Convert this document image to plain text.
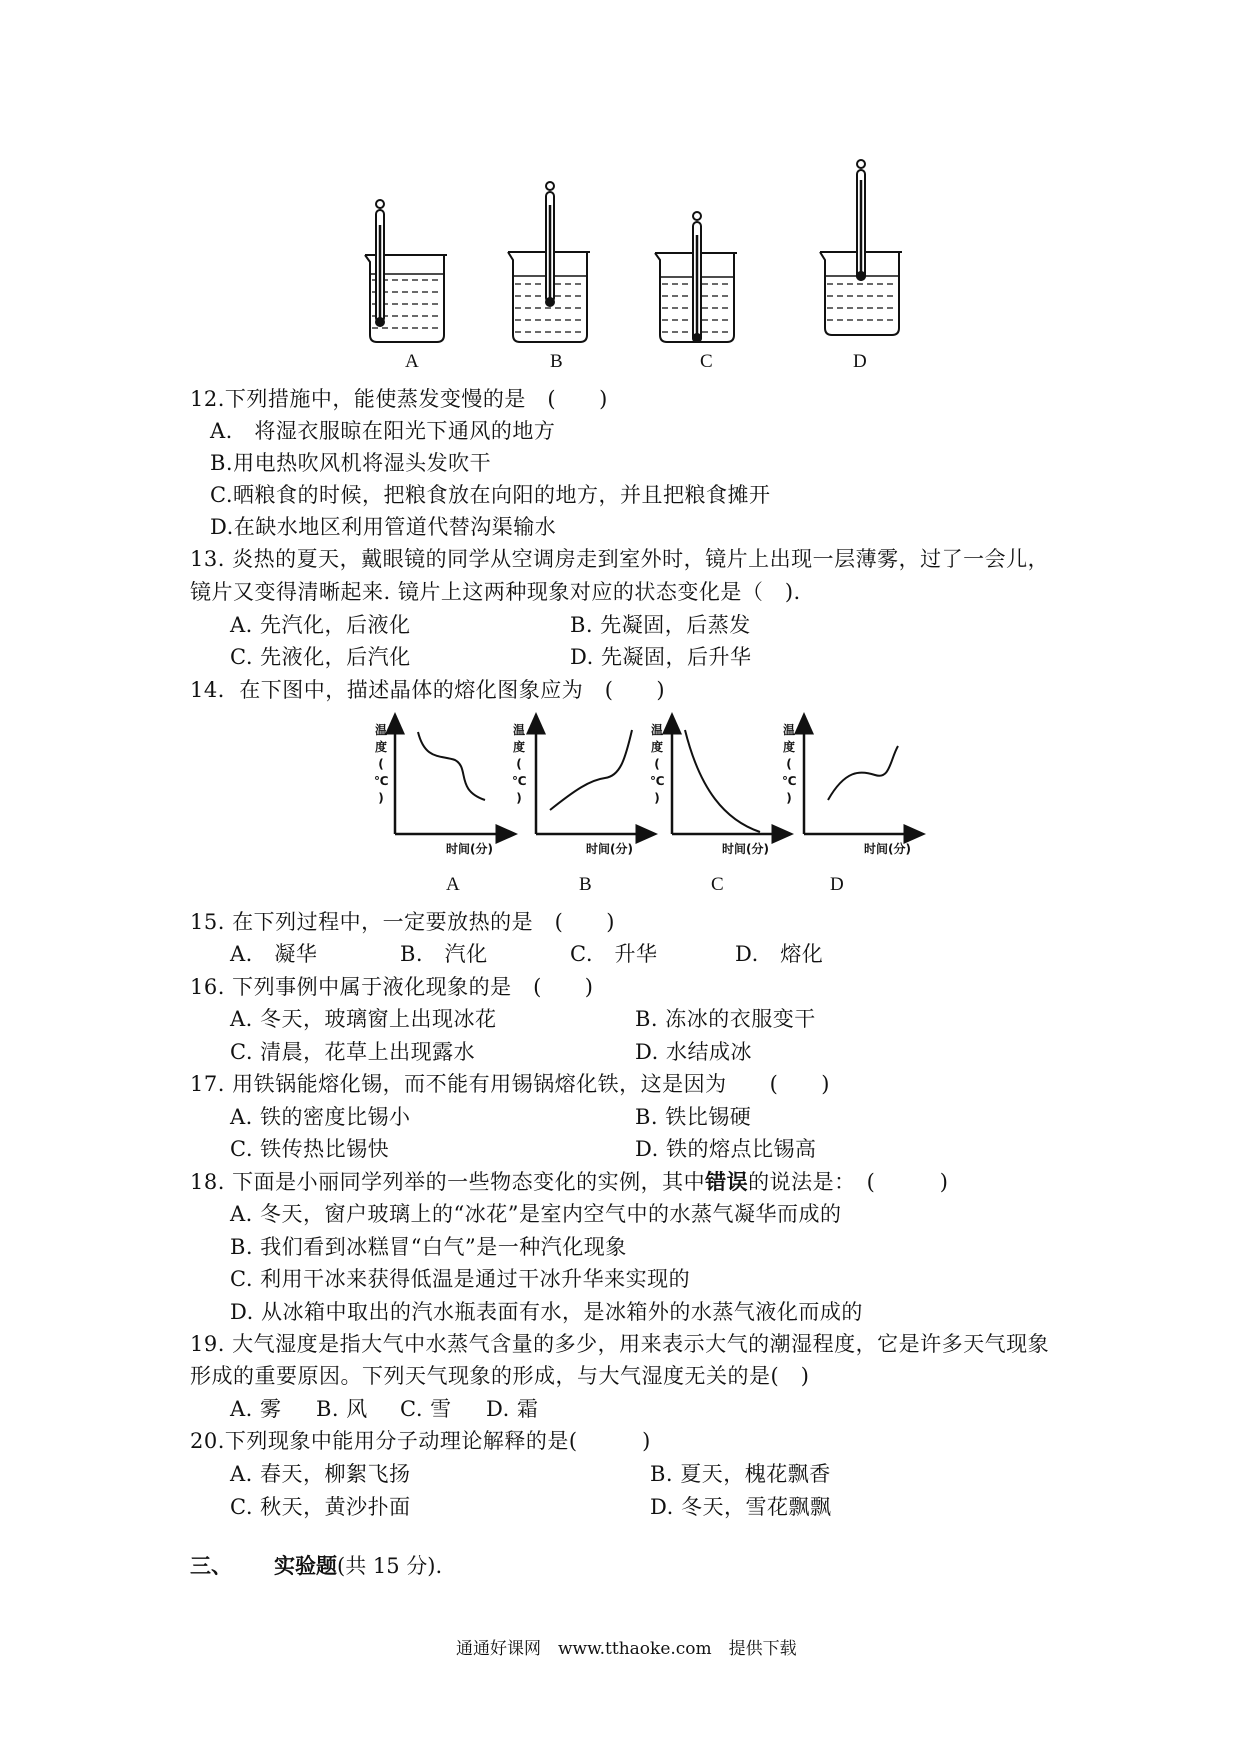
A	B	C	D
12.下列措施中，能使蒸发变慢的是　(　　)
A.　将湿衣服晾在阳光下通风的地方
B.用电热吹风机将湿头发吹干
C.晒粮食的时候，把粮食放在向阳的地方，并且把粮食摊开
D.在缺水地区利用管道代替沟渠输水
13. 炎热的夏天，戴眼镜的同学从空调房走到室外时，镜片上出现一层薄雾，过了一会儿，
镜片又变得清晰起来. 镜片上这两种现象对应的状态变化是（　).
A. 先汽化，后液化	B. 先凝固，后蒸发
C. 先液化，后汽化	D. 先凝固，后升华
14．在下图中，描述晶体的熔化图象应为　(　　)
温
度
(
℃
)
温
度
(
℃
)
温
度
(
℃
)
温
度
(
℃
)
时间(分)	时间(分)	时间(分)	时间(分)
A	B	C	D
15. 在下列过程中，一定要放热的是　(　　)
A.　凝华	B.　汽化	C.　升华	D.　熔化
16. 下列事例中属于液化现象的是　(　　)
A. 冬天，玻璃窗上出现冰花	B. 冻冰的衣服变干
C. 清晨，花草上出现露水	D. 水结成冰
17. 用铁锅能熔化锡，而不能有用锡锅熔化铁，这是因为　　(　　)
A. 铁的密度比锡小	B. 铁比锡硬
C. 铁传热比锡快	D. 铁的熔点比锡高
18. 下面是小丽同学列举的一些物态变化的实例，其中错误的说法是：　(　　　)
A. 冬天，窗户玻璃上的“冰花”是室内空气中的水蒸气凝华而成的
B. 我们看到冰糕冒“白气”是一种汽化现象
C. 利用干冰来获得低温是通过干冰升华来实现的
D. 从冰箱中取出的汽水瓶表面有水，是冰箱外的水蒸气液化而成的
19. 大气湿度是指大气中水蒸气含量的多少，用来表示大气的潮湿程度，它是许多天气现象
形成的重要原因。下列天气现象的形成，与大气湿度无关的是(　)
A. 雾 B. 风 C. 雪 D. 霜
20.下列现象中能用分子动理论解释的是(　　　)
A. 春天，柳絮飞扬	B. 夏天，槐花飘香
C. 秋天，黄沙扑面	D. 冬天，雪花飘飘
三、 实验题(共 15 分).
通通好课网　www.tthaoke.com　提供下载
